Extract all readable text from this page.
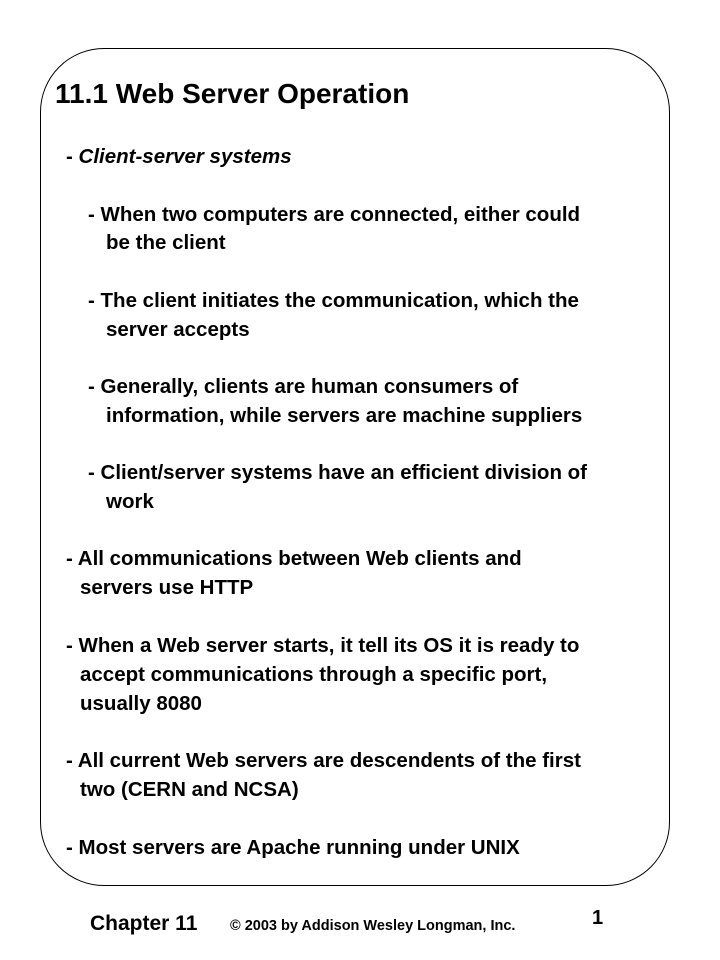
11.1 Web Server Operation
- Client-server systems
- When two computers are connected, either could
be the client
- The client initiates the communication, which the
server accepts
- Generally, clients are human consumers of
information, while servers are machine suppliers
- Client/server systems have an efficient division of
work
- All communications between Web clients and
servers use HTTP
- When a Web server starts, it tell its OS it is ready to
accept communications through a specific port,
usually 8080
- All current Web servers are descendents of the first
two (CERN and NCSA)
- Most servers are Apache running under UNIX
Chapter 11 © 2003 by Addison Wesley Longman, Inc.	1
